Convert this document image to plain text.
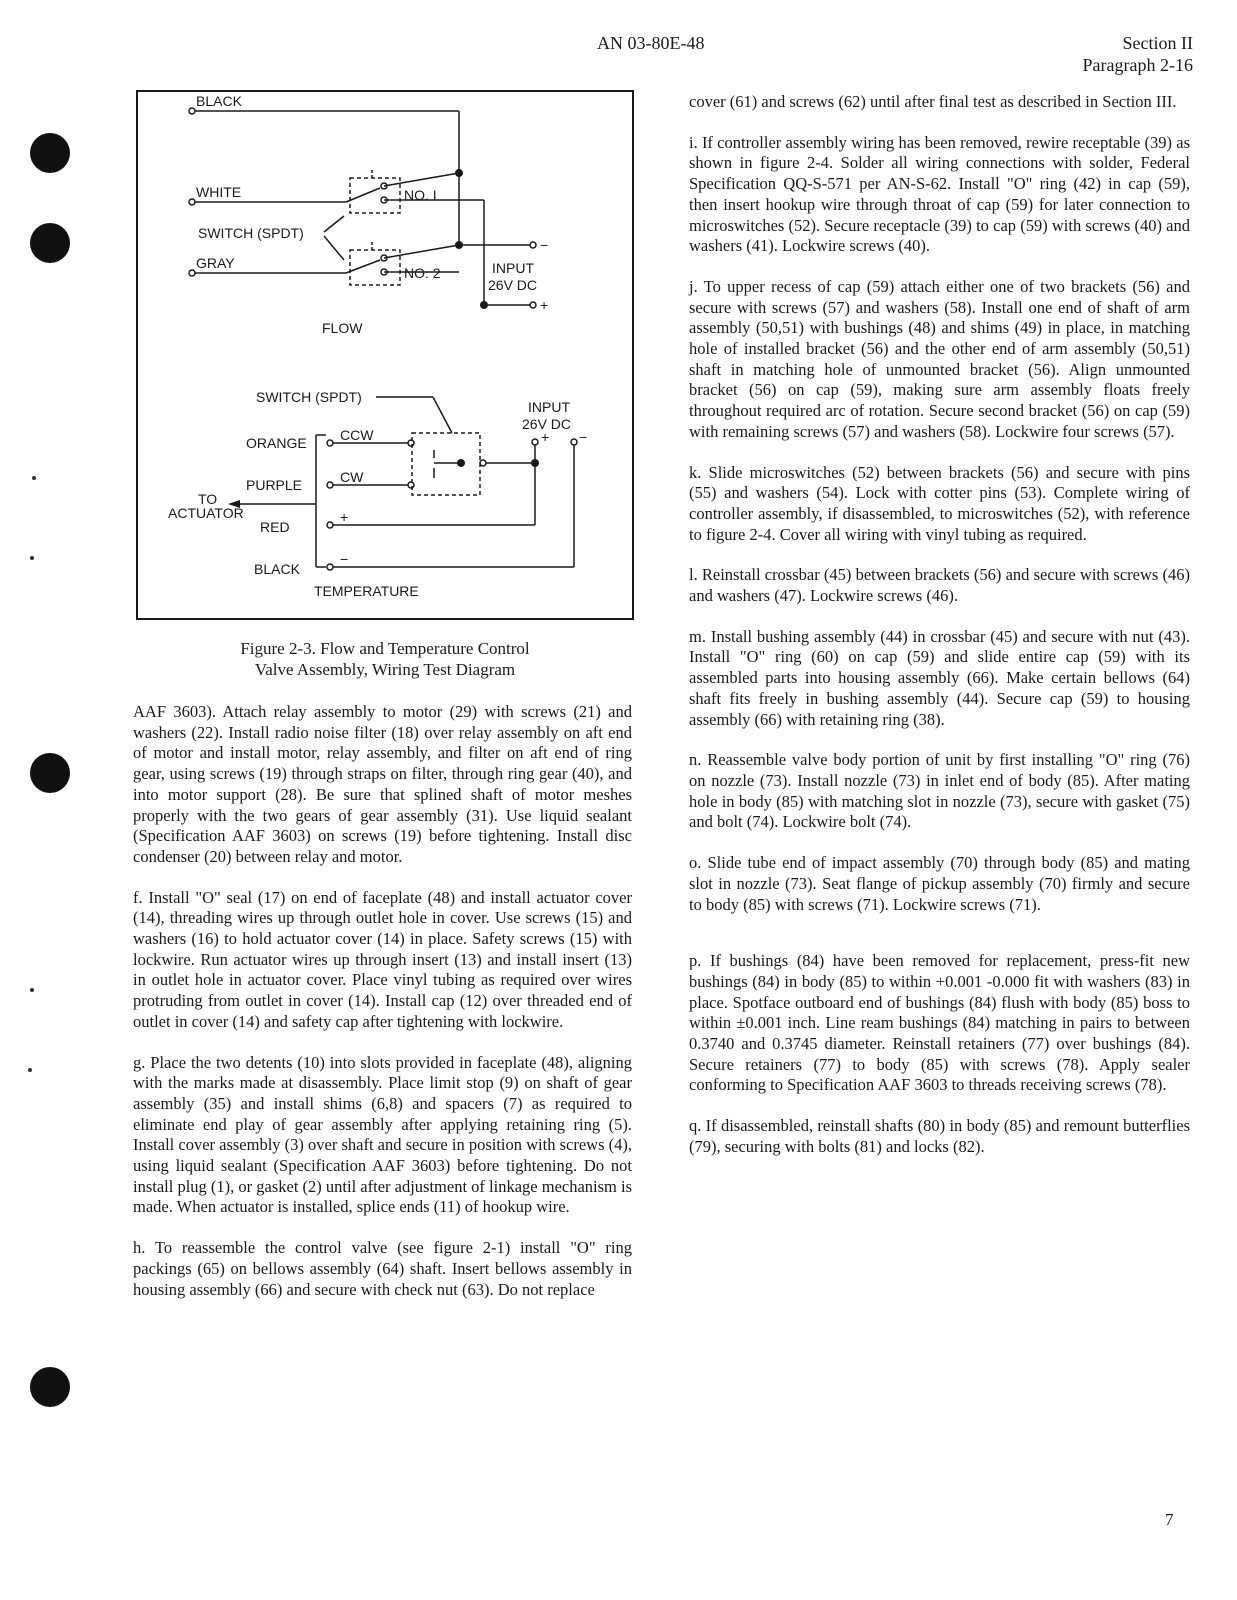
AN 03-80E-48	Section II
Paragraph 2-16
BLACK
WHITE
SWITCH (SPDT)
GRAY
NO. I
NO. 2
−
+
INPUT
26V DC
FLOW
SWITCH (SPDT)
INPUT
26V DC
+ −
ORANGE CCW
PURPLE	CW
TO
ACTUATOR
RED
+
BLACK
−
TEMPERATURE
Figure 2-3. Flow and Temperature Control
Valve Assembly, Wiring Test Diagram

AAF 3603). Attach relay assembly to motor (29) with screws (21) and washers (22). Install radio noise filter (18) over relay assembly on aft end of motor and install motor, relay assembly, and filter on aft end of ring gear, using screws (19) through straps on filter, through ring gear (40), and into motor support (28). Be sure that splined shaft of motor meshes properly with the two gears of gear assembly (31). Use liquid sealant (Specification AAF 3603) on screws (19) before tightening. Install disc condenser (20) between relay and motor.

f. Install "O" seal (17) on end of faceplate (48) and install actuator cover (14), threading wires up through outlet hole in cover. Use screws (15) and washers (16) to hold actuator cover (14) in place. Safety screws (15) with lockwire. Run actuator wires up through insert (13) and install insert (13) in outlet hole in actuator cover. Place vinyl tubing as required over wires protruding from outlet in cover (14). Install cap (12) over threaded end of outlet in cover (14) and safety cap after tightening with lockwire.

g. Place the two detents (10) into slots provided in faceplate (48), aligning with the marks made at disassembly. Place limit stop (9) on shaft of gear assembly (35) and install shims (6,8) and spacers (7) as required to eliminate end play of gear assembly after applying retaining ring (5). Install cover assembly (3) over shaft and secure in position with screws (4), using liquid sealant (Specification AAF 3603) before tightening. Do not install plug (1), or gasket (2) until after adjustment of linkage mechanism is made. When actuator is installed, splice ends (11) of hookup wire.

h. To reassemble the control valve (see figure 2-1) install "O" ring packings (65) on bellows assembly (64) shaft. Insert bellows assembly in housing assembly (66) and secure with check nut (63). Do not replace

cover (61) and screws (62) until after final test as described in Section III.

i. If controller assembly wiring has been removed, rewire receptable (39) as shown in figure 2-4. Solder all wiring connections with solder, Federal Specification QQ-S-571 per AN-S-62. Install "O" ring (42) in cap (59), then insert hookup wire through throat of cap (59) for later connection to microswitches (52). Secure receptacle (39) to cap (59) with screws (40) and washers (41). Lockwire screws (40).

j. To upper recess of cap (59) attach either one of two brackets (56) and secure with screws (57) and washers (58). Install one end of shaft of arm assembly (50,51) with bushings (48) and shims (49) in place, in matching hole of installed bracket (56) and the other end of arm assembly (50,51) shaft in matching hole of unmounted bracket (56). Align unmounted bracket (56) on cap (59), making sure arm assembly floats freely throughout required arc of rotation. Secure second bracket (56) on cap (59) with remaining screws (57) and washers (58). Lockwire four screws (57).

k. Slide microswitches (52) between brackets (56) and secure with pins (55) and washers (54). Lock with cotter pins (53). Complete wiring of controller assembly, if disassembled, to microswitches (52), with reference to figure 2-4. Cover all wiring with vinyl tubing as required.

l. Reinstall crossbar (45) between brackets (56) and secure with screws (46) and washers (47). Lockwire screws (46).

m. Install bushing assembly (44) in crossbar (45) and secure with nut (43). Install "O" ring (60) on cap (59) and slide entire cap (59) with its assembled parts into housing assembly (66). Make certain bellows (64) shaft fits freely in bushing assembly (44). Secure cap (59) to housing assembly (66) with retaining ring (38).

n. Reassemble valve body portion of unit by first installing "O" ring (76) on nozzle (73). Install nozzle (73) in inlet end of body (85). After mating hole in body (85) with matching slot in nozzle (73), secure with gasket (75) and bolt (74). Lockwire bolt (74).

o. Slide tube end of impact assembly (70) through body (85) and mating slot in nozzle (73). Seat flange of pickup assembly (70) firmly and secure to body (85) with screws (71). Lockwire screws (71).

p. If bushings (84) have been removed for replacement, press-fit new bushings (84) in body (85) to within +0.001 -0.000 fit with washers (83) in place. Spotface outboard end of bushings (84) flush with body (85) boss to within ±0.001 inch. Line ream bushings (84) matching in pairs to between 0.3740 and 0.3745 diameter. Reinstall retainers (77) over bushings (84). Secure retainers (77) to body (85) with screws (78). Apply sealer conforming to Specification AAF 3603 to threads receiving screws (78).

q. If disassembled, reinstall shafts (80) in body (85) and remount butterflies (79), securing with bolts (81) and locks (82).

7
